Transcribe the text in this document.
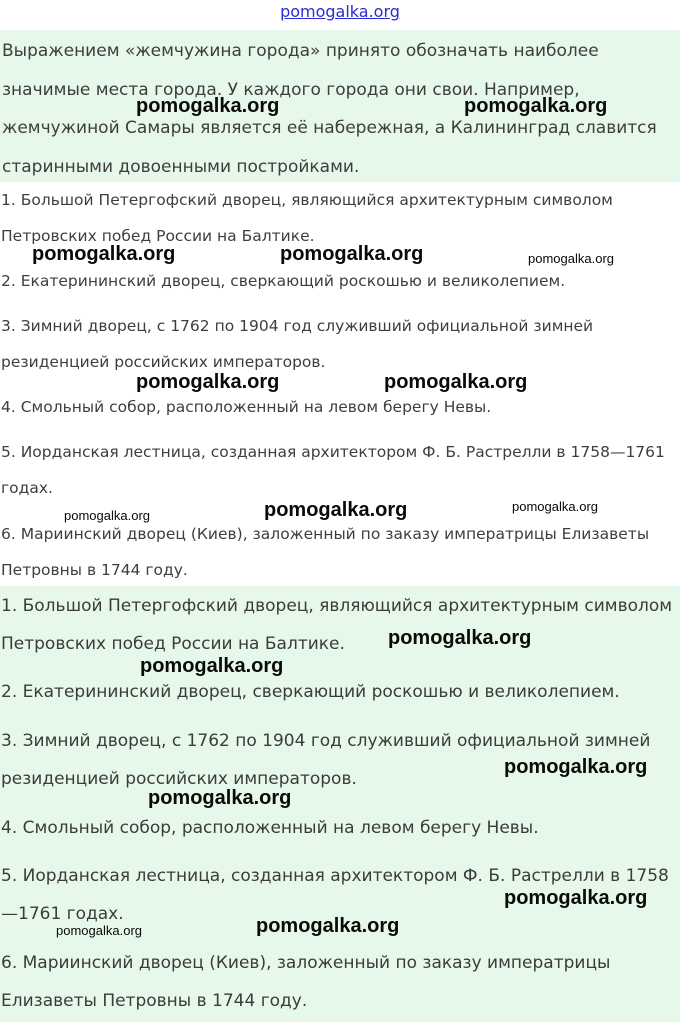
pomogalka.org

Выражением «жемчужина города» принято обозначать наиболее значимые места города. У каждого города они свои. Например, жемчужиной Самары является её набережная, а Калининград славится старинными довоенными постройками.

1. Большой Петергофский дворец, являющийся архитектурным символом Петровских побед России на Балтике.

2. Екатерининский дворец, сверкающий роскошью и великолепием.

3. Зимний дворец, с 1762 по 1904 год служивший официальной зимней резиденцией российских императоров.

4. Смольный собор, расположенный на левом берегу Невы.

5. Иорданская лестница, созданная архитектором Ф. Б. Растрелли в 1758—1761 годах.

6. Мариинский дворец (Киев), заложенный по заказу императрицы Елизаветы Петровны в 1744 году.

1. Большой Петергофский дворец, являющийся архитектурным символом Петровских побед России на Балтике.

2. Екатерининский дворец, сверкающий роскошью и великолепием.

3. Зимний дворец, с 1762 по 1904 год служивший официальной зимней резиденцией российских императоров.

4. Смольный собор, расположенный на левом берегу Невы.

5. Иорданская лестница, созданная архитектором Ф. Б. Растрелли в 1758—1761 годах.

6. Мариинский дворец (Киев), заложенный по заказу императрицы Елизаветы Петровны в 1744 году.

pomogalka.org	pomogalka.org
pomogalka.org	pomogalka.org	pomogalka.org
pomogalka.org	pomogalka.org
pomogalka.org	pomogalka.org	pomogalka.org
pomogalka.org
pomogalka.org
pomogalka.org
pomogalka.org
pomogalka.org
pomogalka.org	pomogalka.org
